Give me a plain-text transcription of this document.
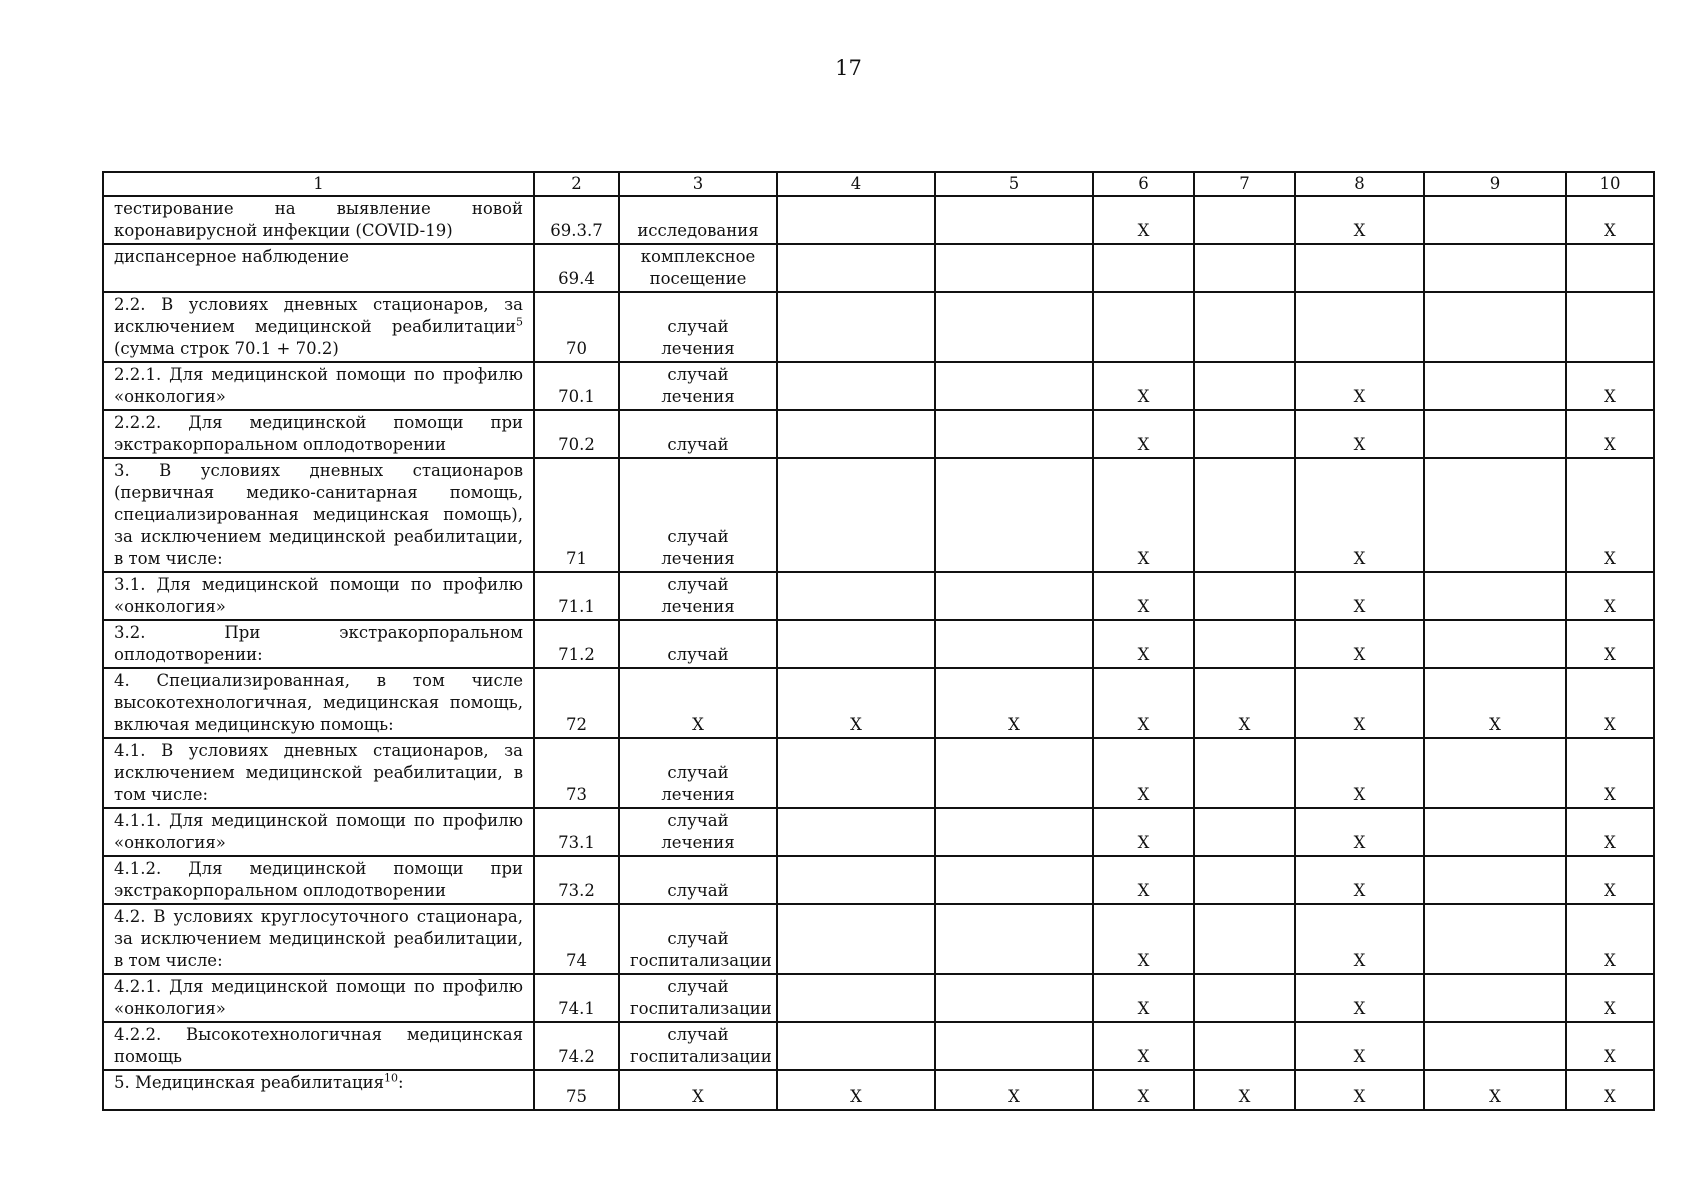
17
1	2	3	4	5	6	7	8	9	10
тестирование на выявление новой коронавирусной инфекции (COVID-19)	69.3.7	исследования			X		X		X
диспансерное наблюдение	69.4	комплексное посещение							
2.2. В условиях дневных стационаров, за исключением медицинской реабилитации$^5$ (сумма строк 70.1 + 70.2)	70	случай лечения							
2.2.1. Для медицинской помощи по профилю «онкология»	70.1	случай лечения			X		X		X
2.2.2. Для медицинской помощи при экстракорпоральном оплодотворении	70.2	случай			X		X		X
3. В условиях дневных стационаров (первичная медико-санитарная помощь, специализированная медицинская помощь), за исключением медицинской реабилитации, в том числе:	71	случай лечения			X		X		X
3.1. Для медицинской помощи по профилю «онкология»	71.1	случай лечения			X		X		X
3.2. При экстракорпоральном оплодотворении:	71.2	случай			X		X		X
4. Специализированная, в том числе высокотехнологичная, медицинская помощь, включая медицинскую помощь:	72	X	X	X	X	X	X	X	X
4.1. В условиях дневных стационаров, за исключением медицинской реабилитации, в том числе:	73	случай лечения			X		X		X
4.1.1. Для медицинской помощи по профилю «онкология»	73.1	случай лечения			X		X		X
4.1.2. Для медицинской помощи при экстракорпоральном оплодотворении	73.2	случай			X		X		X
4.2. В условиях круглосуточного стационара, за исключением медицинской реабилитации, в том числе:	74	случай госпитализации			X		X		X
4.2.1. Для медицинской помощи по профилю «онкология»	74.1	случай госпитализации			X		X		X
4.2.2. Высокотехнологичная медицинская помощь	74.2	случай госпитализации			X		X		X
5. Медицинская реабилитация$^{10}$:	75	X	X	X	X	X	X	X	X
